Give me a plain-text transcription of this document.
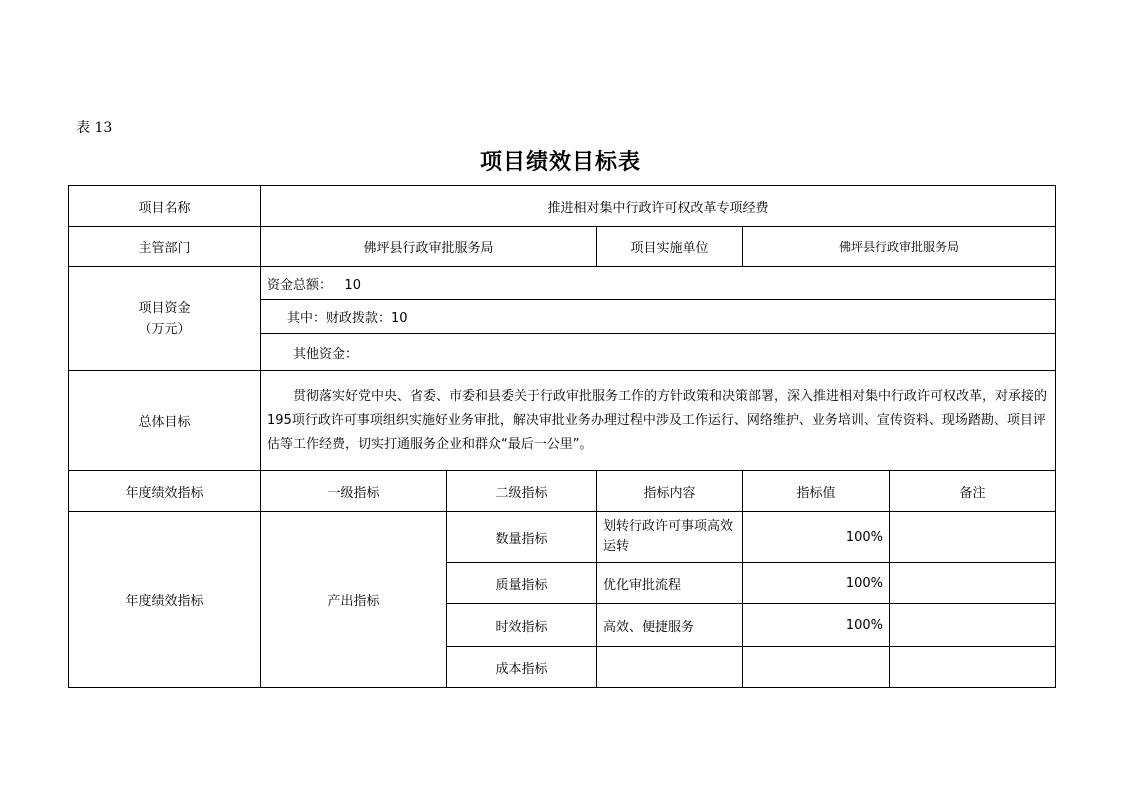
表 13
项目绩效目标表
项目名称	推进相对集中行政许可权改革专项经费				
主管部门	佛坪县行政审批服务局		项目实施单位	佛坪县行政审批服务局	

项目资金
（万元）	资金总额： 10				
	其中：财政拨款：10				
	其他资金：				
总体目标	贯彻落实好党中央、省委、市委和县委关于行政审批服务工作的方针政策和决策部署，深入推进相对集中行政许可权改革，对承接的195项行政许可事项组织实施好业务审批，解决审批业务办理过程中涉及工作运行、网络维护、业务培训、宣传资料、现场踏勘、项目评估等工作经费，切实打通服务企业和群众“最后一公里”。				
年度绩效指标	一级指标	二级指标	指标内容	指标值	备注
年度绩效指标	产出指标	数量指标	划转行政许可事项高效运转	100%	
		质量指标	优化审批流程	100%	
		时效指标	高效、便捷服务	100%	
		成本指标			
